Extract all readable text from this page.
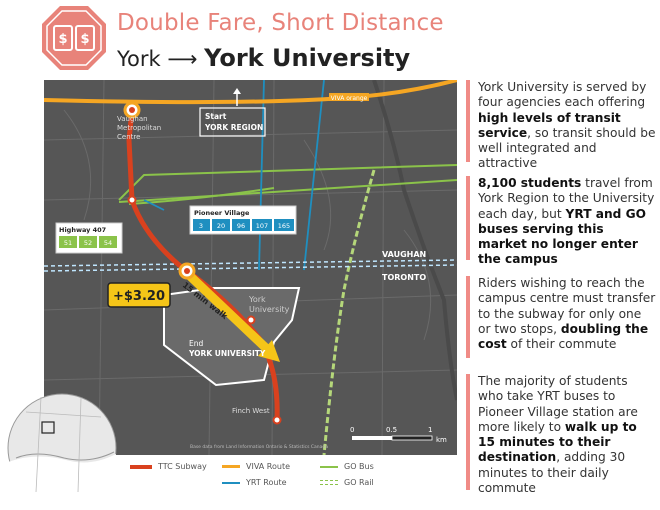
$ $
Double Fare, Short Distance
York ⟶ York University
VIVA orange
VAUGHAN
TORONTO
York
University
15 min walk
Vaughan
Metropolitan
Centre
Finch West
Start
YORK REGION
End
YORK UNIVERSITY
Highway 407
51 52 54
Pioneer Village
3 20 96 107 165
+$3.20
0	0.5	1
km
Base data from Land Information Ontario & Statistics Canada
TTC Subway	VIVA Route	GO Bus
YRT Route	GO Rail
York University is served by four agencies each offering high levels of transit service, so transit should be well integrated and attractive
8,100 students travel from York Region to the University each day, but YRT and GO buses serving this market no longer enter the campus
Riders wishing to reach the campus centre must transfer to the subway for only one or two stops, doubling the cost of their commute
The majority of students who take YRT buses to Pioneer Village station are more likely to walk up to 15 minutes to their destination, adding 30 minutes to their daily commute
